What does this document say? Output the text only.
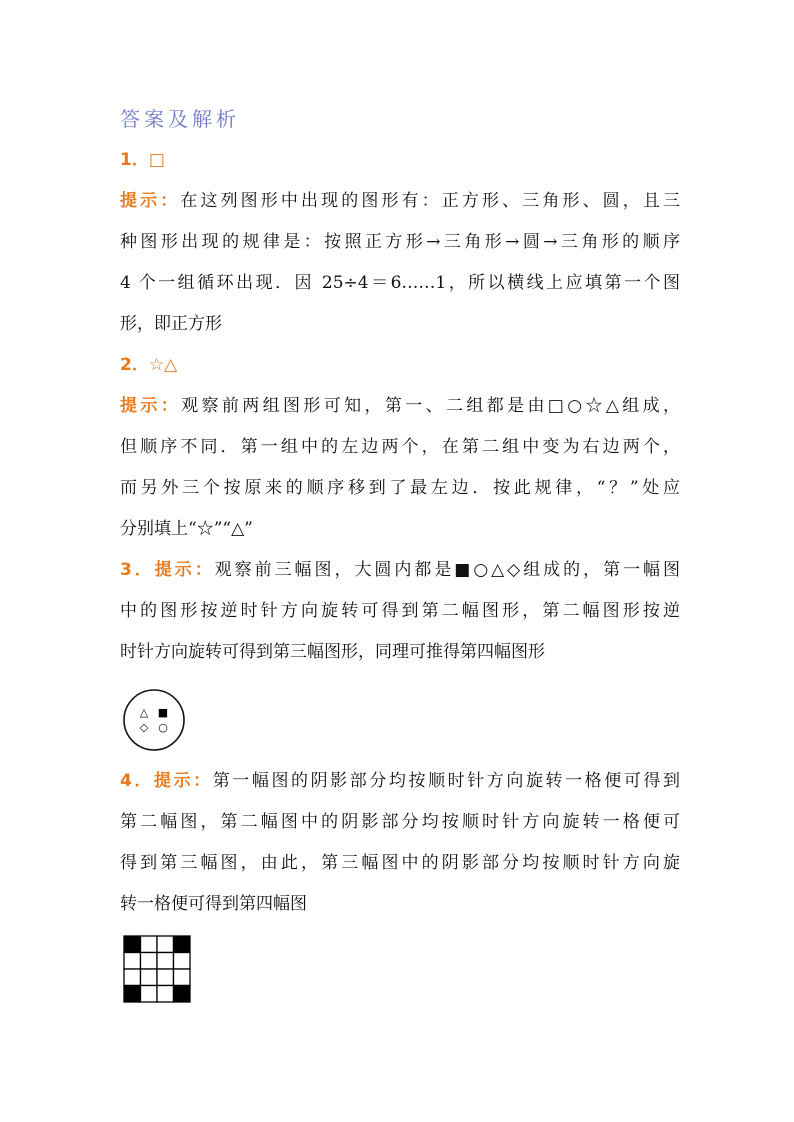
答案及解析
1．□
提示：在这列图形中出现的图形有：正方形、三角形、圆，且三
种图形出现的规律是：按照正方形→三角形→圆→三角形的顺序
4 个一组循环出现．因 25÷4＝6……1，所以横线上应填第一个图
形，即正方形
2．☆△
提示：观察前两组图形可知，第一、二组都是由□○☆△组成，
但顺序不同．第一组中的左边两个，在第二组中变为右边两个，
而另外三个按原来的顺序移到了最左边．按此规律，“？”处应
分别填上“☆”“△”
3．提示：观察前三幅图，大圆内都是■○△◇组成的，第一幅图
中的图形按逆时针方向旋转可得到第二幅图形，第二幅图形按逆
时针方向旋转可得到第三幅图形，同理可推得第四幅图形
△ ■
◇ ○
4．提示：第一幅图的阴影部分均按顺时针方向旋转一格便可得到
第二幅图，第二幅图中的阴影部分均按顺时针方向旋转一格便可
得到第三幅图，由此，第三幅图中的阴影部分均按顺时针方向旋
转一格便可得到第四幅图
